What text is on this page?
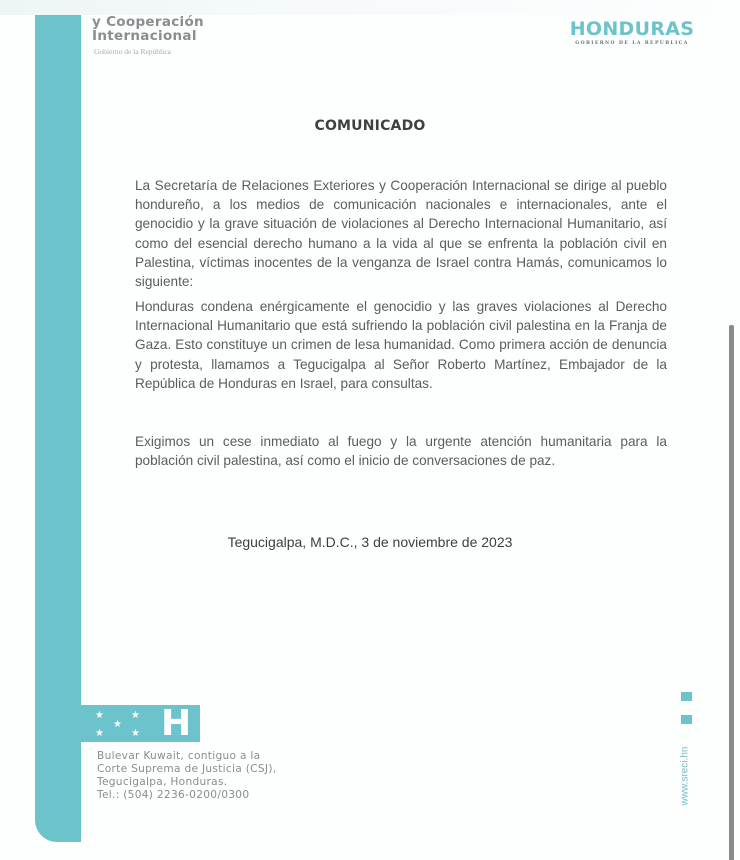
y Cooperación
Internacional
Gobierno de la República
HONDURAS
GOBIERNO DE LA REPÚBLICA
COMUNICADO
La Secretaría de Relaciones Exteriores y Cooperación Internacional se dirige al pueblo hondureño, a los medios de comunicación nacionales e internacionales, ante el genocidio y la grave situación de violaciones al Derecho Internacional Humanitario, así como del esencial derecho humano a la vida al que se enfrenta la población civil en Palestina, víctimas inocentes de la venganza de Israel contra Hamás, comunicamos lo siguiente:
Honduras condena enérgicamente el genocidio y las graves violaciones al Derecho Internacional Humanitario que está sufriendo la población civil palestina en la Franja de Gaza. Esto constituye un crimen de lesa humanidad. Como primera acción de denuncia y protesta, llamamos a Tegucigalpa al Señor Roberto Martínez, Embajador de la República de Honduras en Israel, para consultas.
Exigimos un cese inmediato al fuego y la urgente atención humanitaria para la población civil palestina, así como el inicio de conversaciones de paz.
Tegucigalpa, M.D.C., 3 de noviembre de 2023
★	★
★
★	★ H
Bulevar Kuwait, contiguo a la
Corte Suprema de Justicia (CSJ),
Tegucigalpa, Honduras.
Tel.: (504) 2236-0200/0300	www.sreci.hn
